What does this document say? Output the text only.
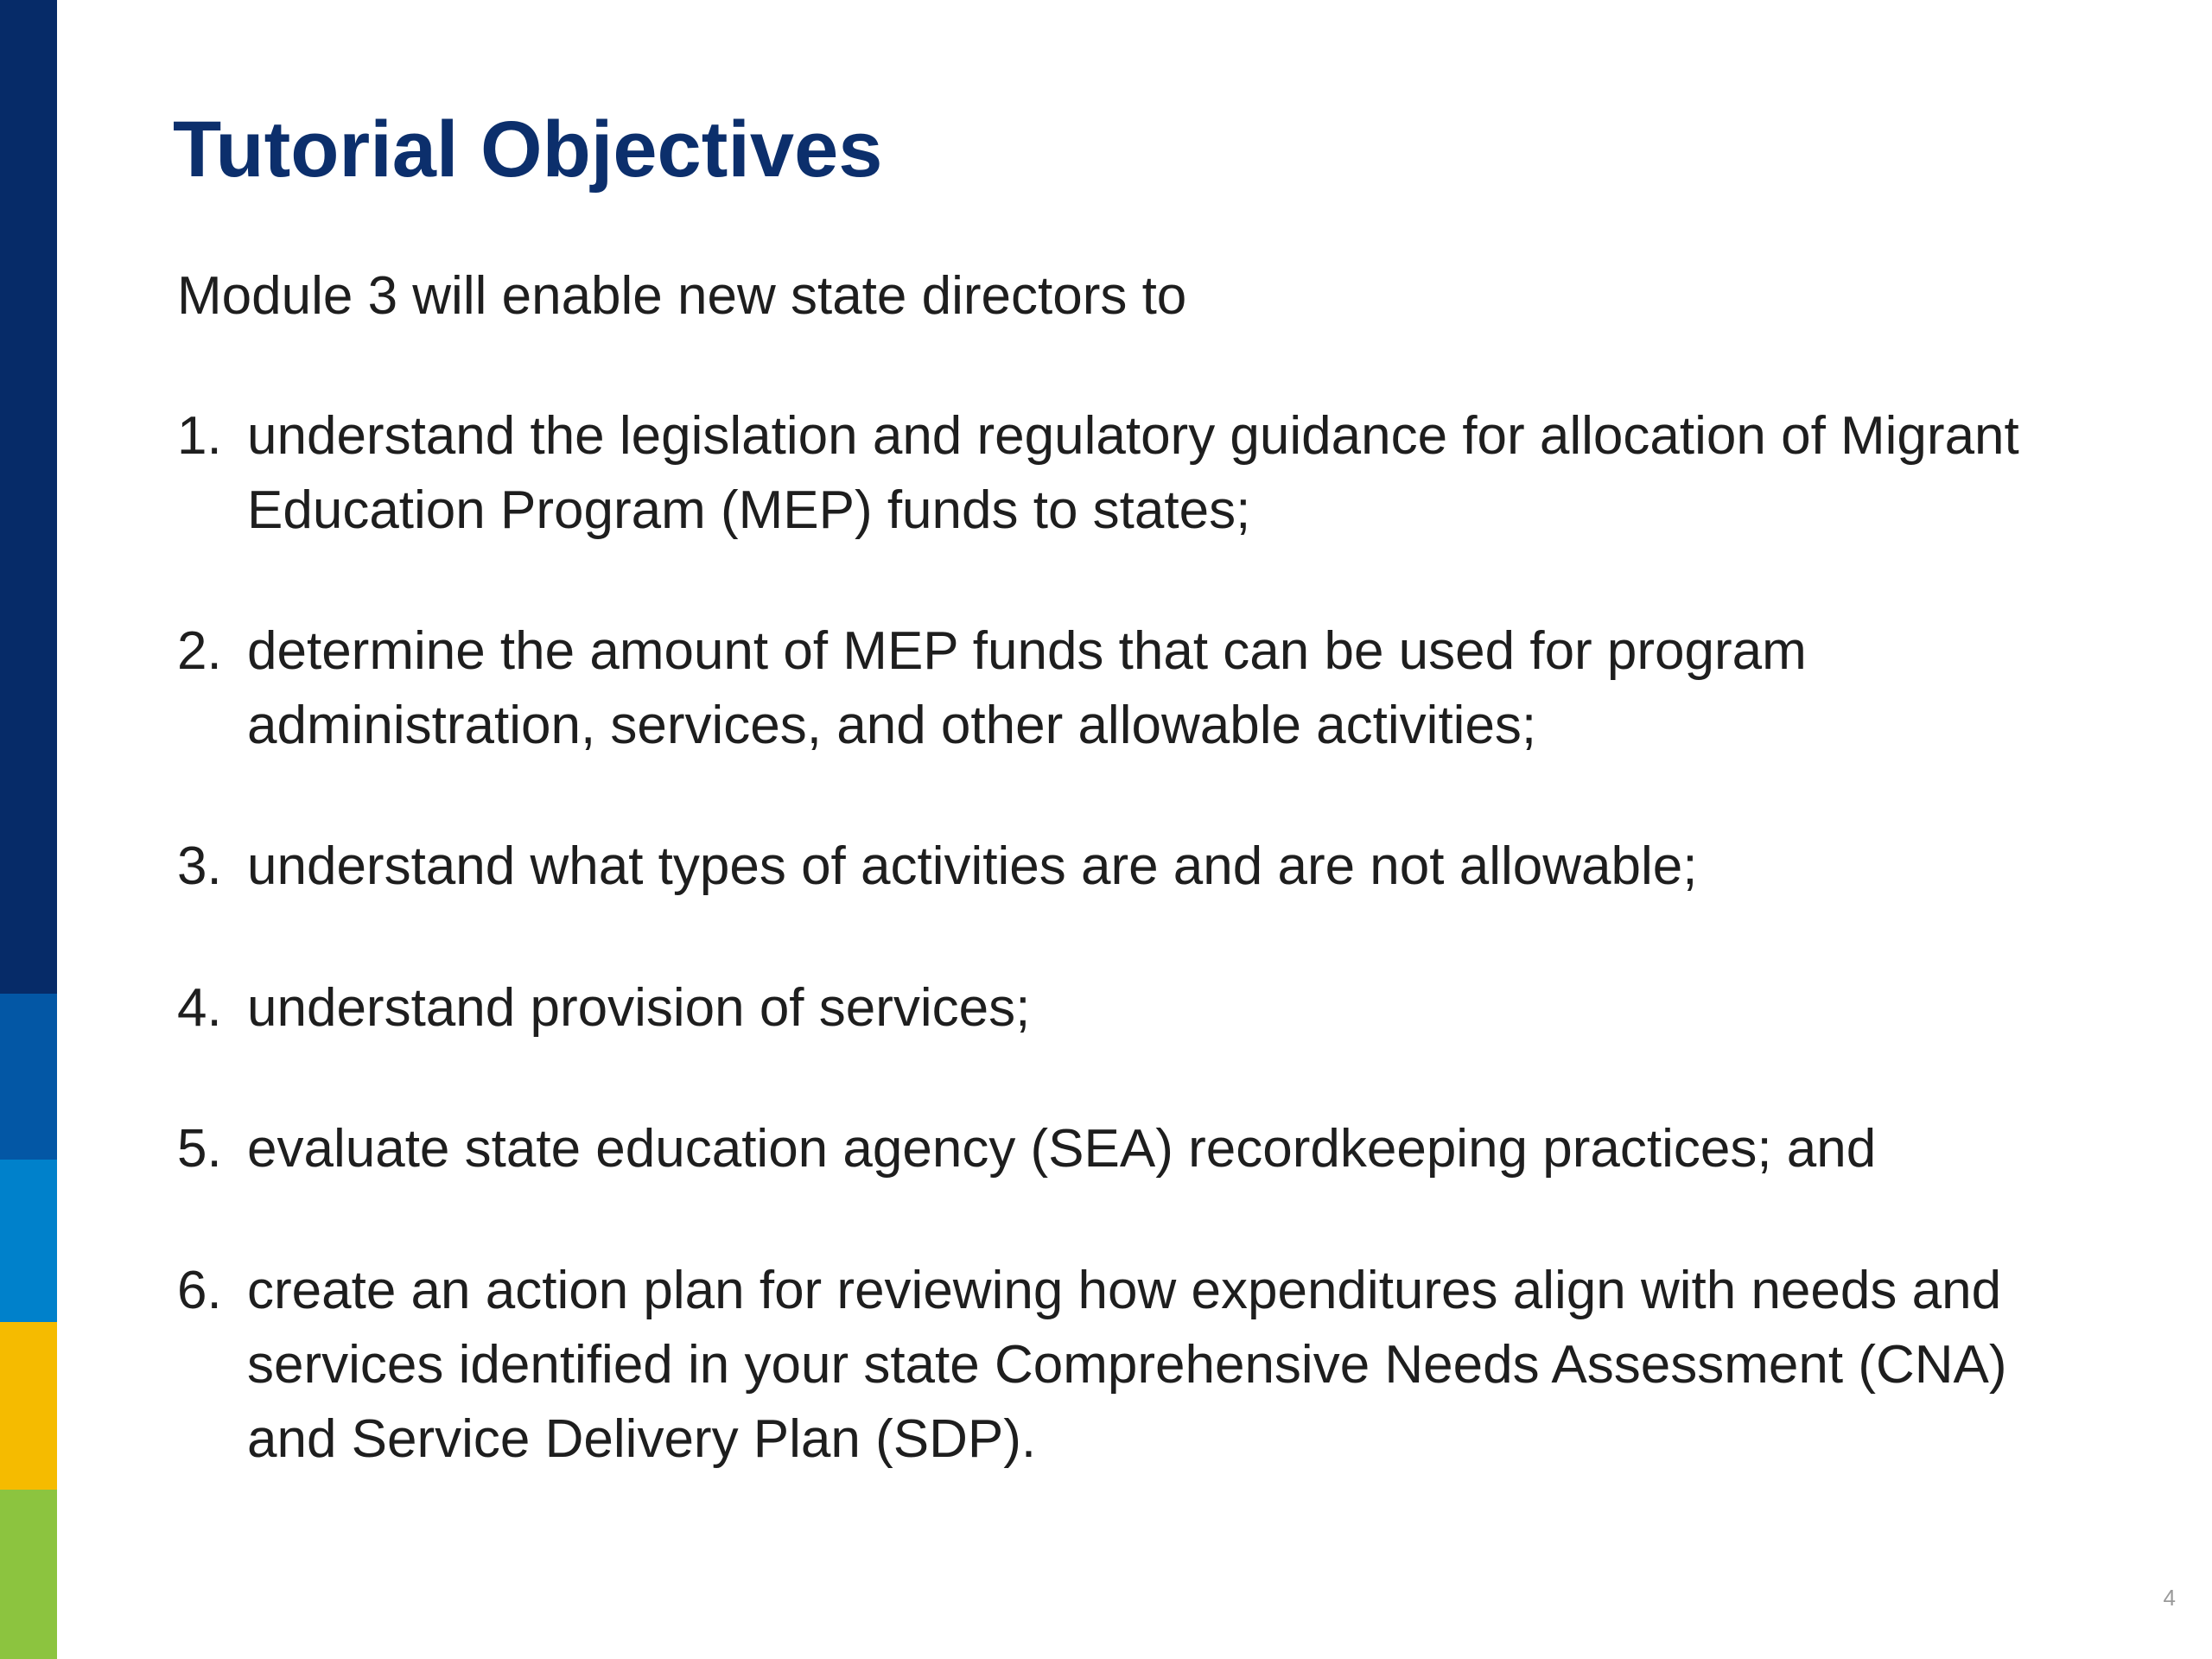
Tutorial Objectives

Module 3 will enable new state directors to

1. understand the legislation and regulatory guidance for allocation of Migrant Education Program (MEP) funds to states;
2. determine the amount of MEP funds that can be used for program administration, services, and other allowable activities;
3. understand what types of activities are and are not allowable;
4. understand provision of services;
5. evaluate state education agency (SEA) recordkeeping practices; and
6. create an action plan for reviewing how expenditures align with needs and services identified in your state Comprehensive Needs Assessment (CNA) and Service Delivery Plan (SDP).
4
